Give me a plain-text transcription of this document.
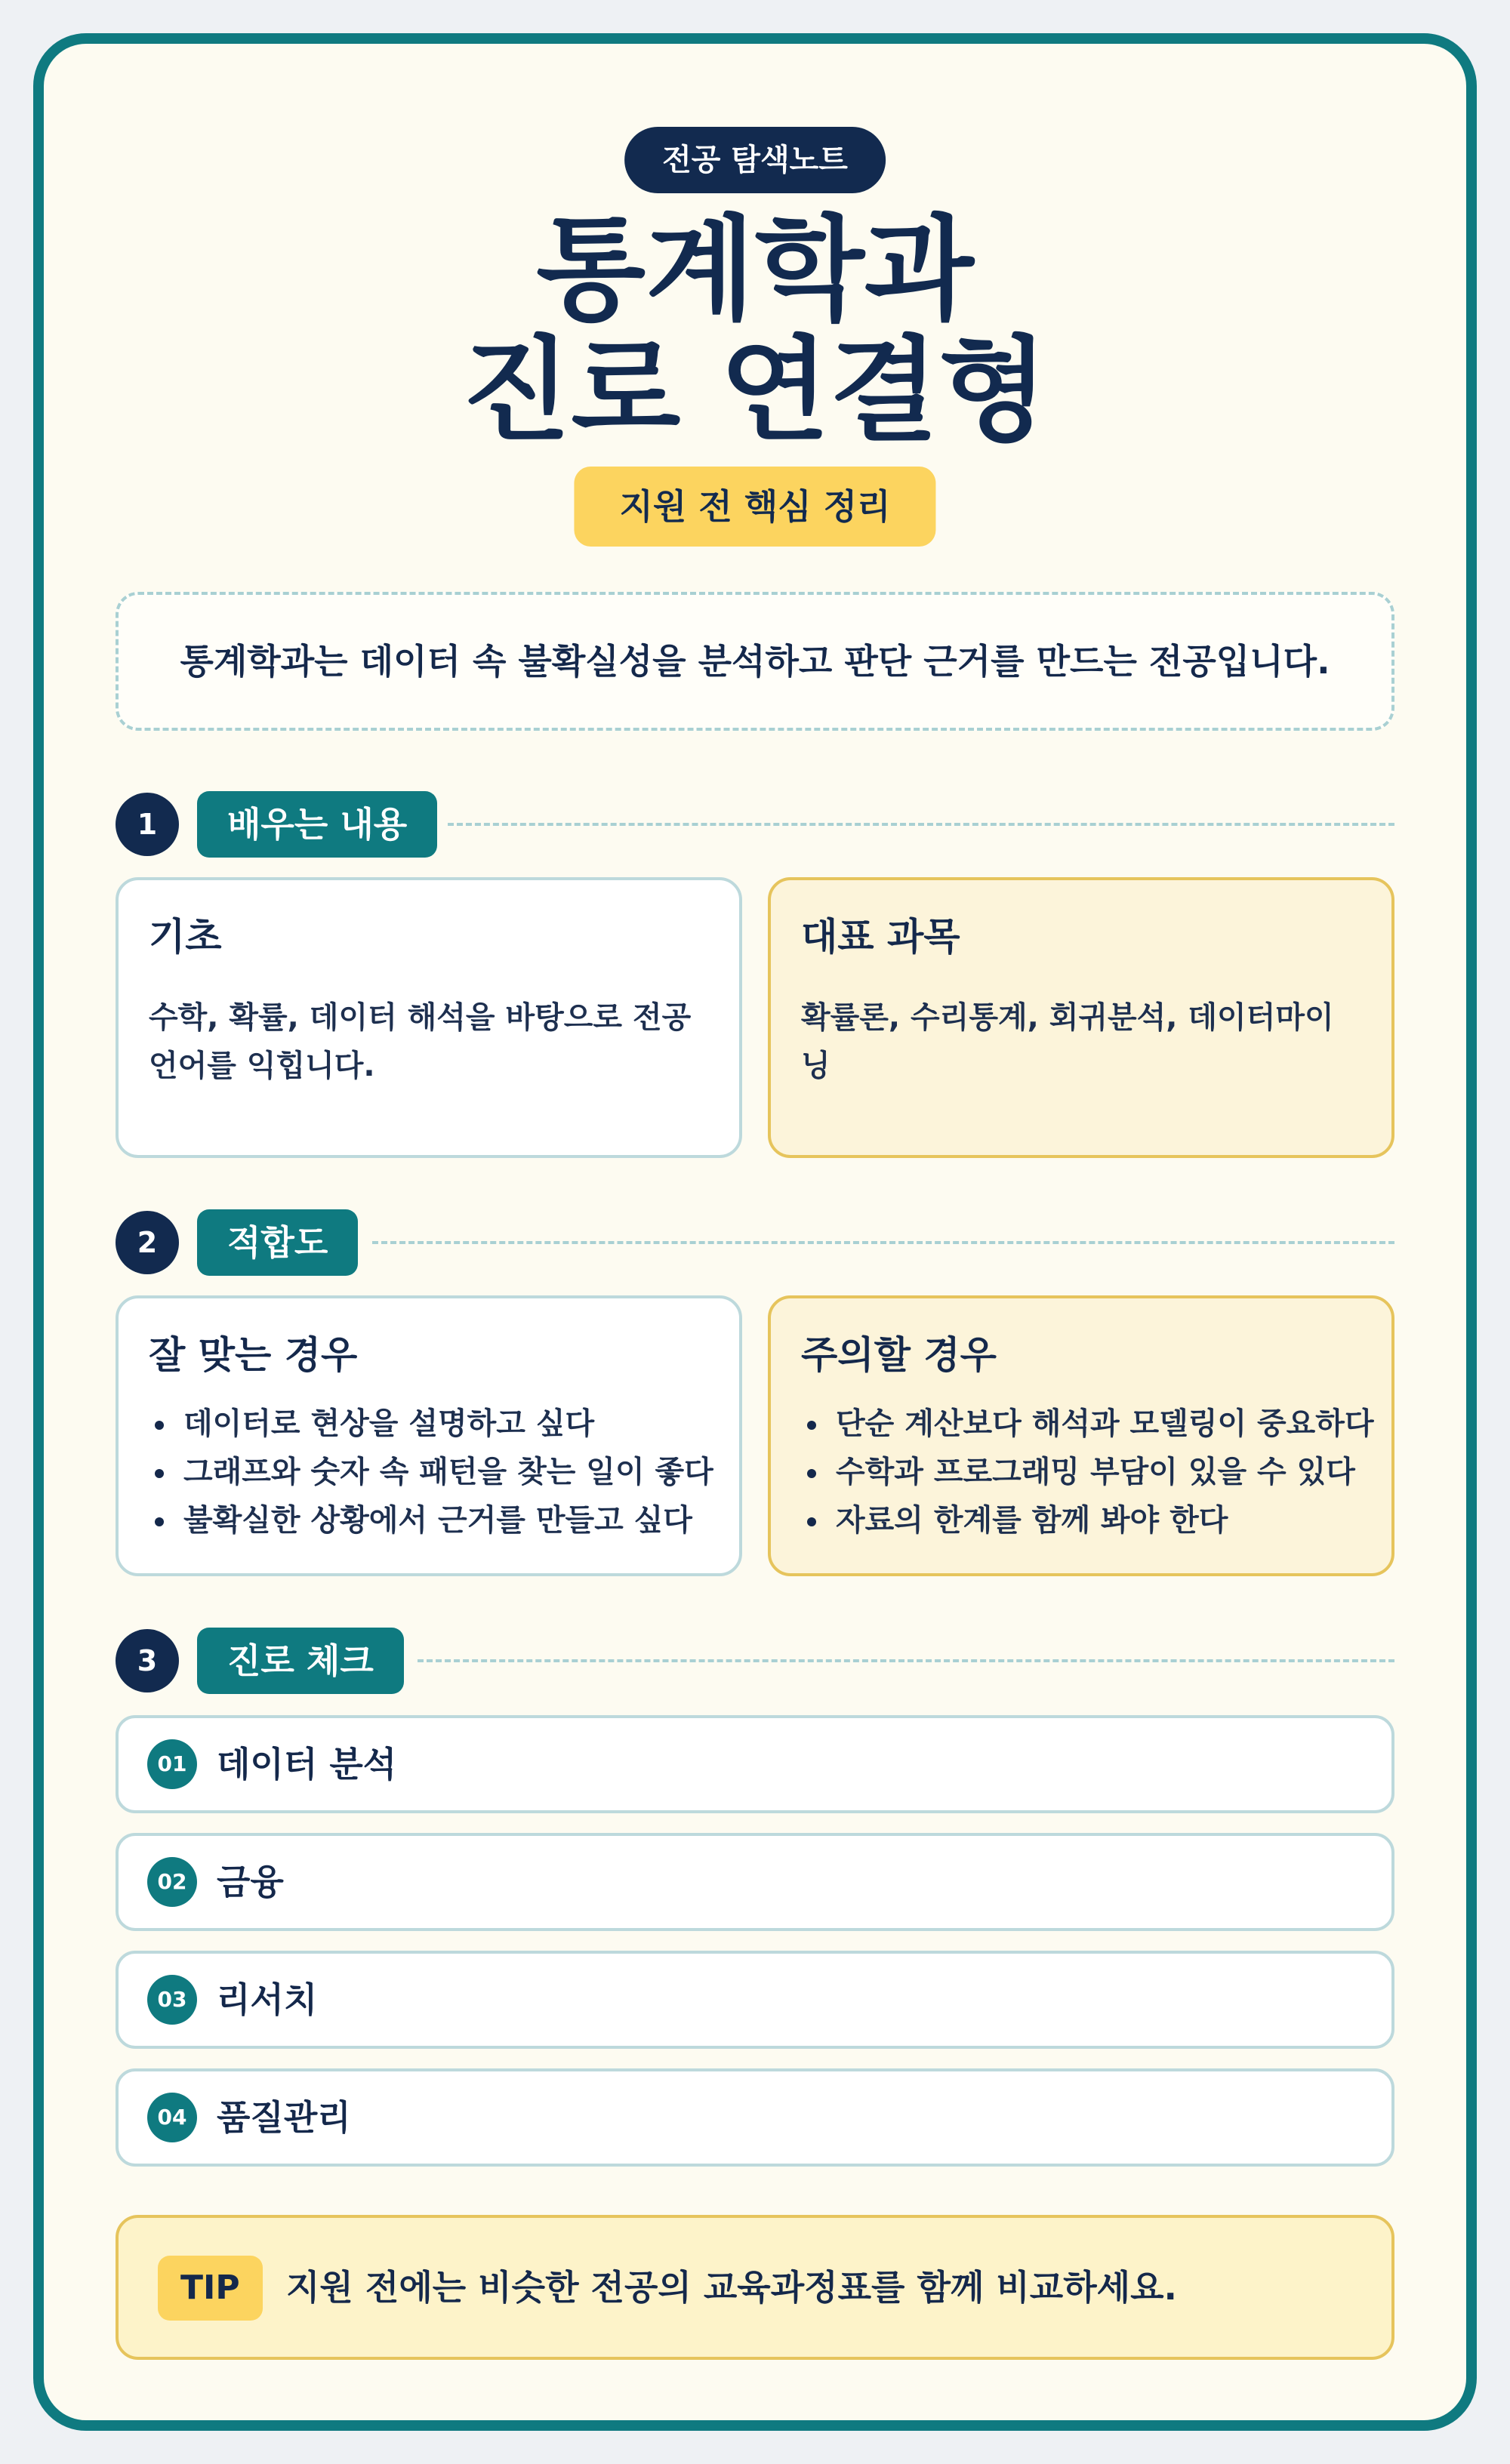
전공 탐색노트
통계학과
진로 연결형
지원 전 핵심 정리
통계학과는 데이터 속 불확실성을 분석하고 판단 근거를 만드는 전공입니다.
1	배우는 내용
기초
수학, 확률, 데이터 해석을 바탕으로 전공 언어를 익힙니다.
대표 과목
확률론, 수리통계, 회귀분석, 데이터마이닝
2	적합도
잘 맞는 경우
데이터로 현상을 설명하고 싶다
그래프와 숫자 속 패턴을 찾는 일이 좋다
불확실한 상황에서 근거를 만들고 싶다
주의할 경우
단순 계산보다 해석과 모델링이 중요하다
수학과 프로그래밍 부담이 있을 수 있다
자료의 한계를 함께 봐야 한다
3	진로 체크
01 데이터 분석
02 금융
03 리서치
04 품질관리
TIP	지원 전에는 비슷한 전공의 교육과정표를 함께 비교하세요.
